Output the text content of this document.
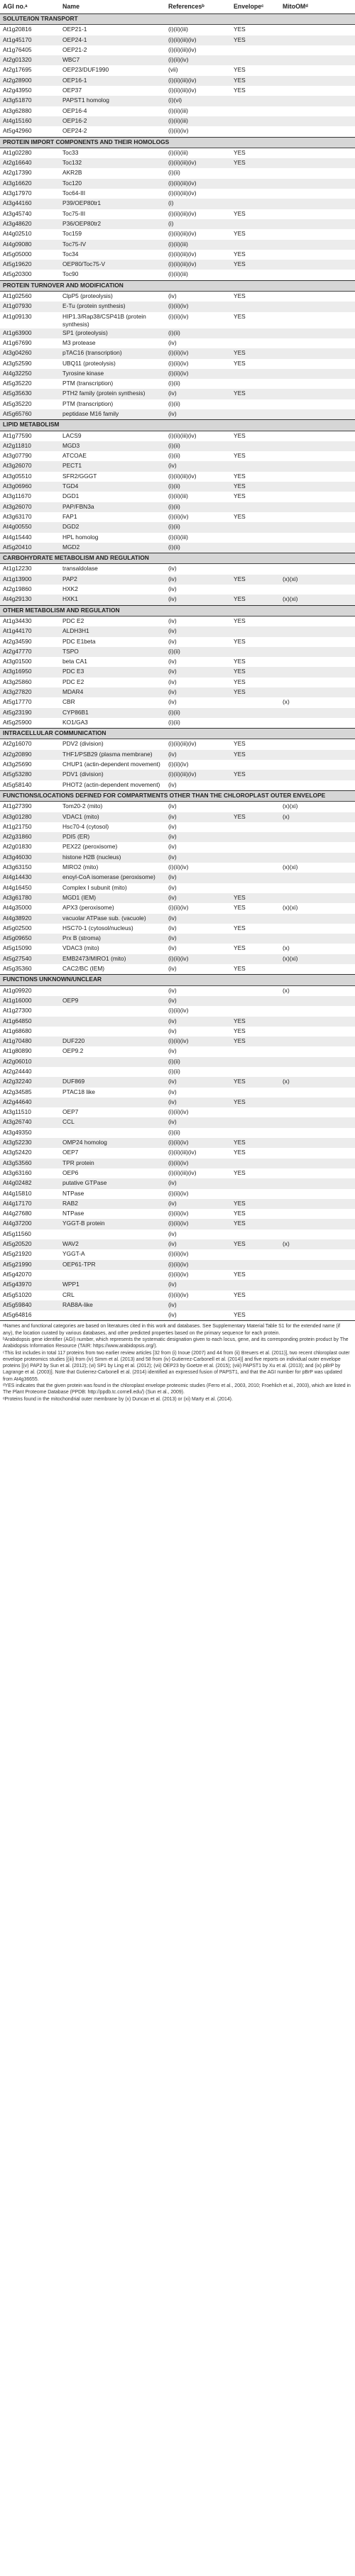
AGI no.ᵃ	Name	Referencesᵇ	Envelopeᶜ	MitoOMᵈ
SOLUTE/ION TRANSPORT				
At1g20816	OEP21-1	(i)(ii)(iii)	YES	
At1g45170	OEP24-1	(i)(ii)(iii)(iv)	YES	
At1g76405	OEP21-2	(i)(ii)(iii)(iv)		
At2g01320	WBC7	(i)(ii)(iv)		
At2g17695	OEP23/DUF1990	(vii)	YES	
At2g28900	OEP16-1	(i)(ii)(iii)(iv)	YES	
At2g43950	OEP37	(i)(ii)(iii)(iv)	YES	
At3g51870	PAPST1 homolog	(i)(vi)		
At3g62880	OEP16-4	(i)(ii)(iii)		
At4g15160	OEP16-2	(i)(ii)(iii)		
At5g42960	OEP24-2	(i)(ii)(iv)		
PROTEIN IMPORT COMPONENTS AND THEIR HOMOLOGS				
At1g02280	Toc33	(i)(ii)(iii)	YES	
At2g16640	Toc132	(i)(ii)(iii)(iv)	YES	
At2g17390	AKR2B	(i)(ii)		
At3g16620	Toc120	(i)(ii)(iii)(iv)		
At3g17970	Toc64-III	(i)(ii)(iii)(iv)		
At3g44160	P39/OEP80tr1	(i)		
At3g45740	Toc75-III	(i)(ii)(iii)(iv)	YES	
At3g48620	P36/OEP80tr2	(i)		
At4g02510	Toc159	(i)(ii)(iii)(iv)	YES	
At4g09080	Toc75-IV	(i)(ii)(iii)		
At5g05000	Toc34	(i)(ii)(iii)(iv)	YES	
At5g19620	OEP80/Toc75-V	(i)(ii)(iii)(iv)	YES	
At5g20300	Toc90	(i)(ii)(iii)		
PROTEIN TURNOVER AND MODIFICATION				
At1g02560	ClpP5 (proteolysis)	(iv)	YES	
At1g07930	E-Tu (protein synthesis)	(i)(ii)(iv)		
At1g09130	HIP1.3/Rap38/CSP41B (protein synthesis)	(i)(ii)(iv)	YES	
At1g63900	SP1 (proteolysis)	(i)(ii)		
At1g67690	M3 protease	(iv)		
At3g04260	pTAC16 (transcription)	(i)(ii)(iv)	YES	
At3g52590	UBQ11 (proteolysis)	(i)(ii)(iv)	YES	
At4g32250	Tyrosine kinase	(i)(ii)(iv)		
At5g35220	PTM (transcription)	(i)(ii)		
At5g35630	PTH2 family (protein synthesis)	(iv)	YES	
At5g35220	PTM (transcription)	(i)(ii)		
At5g65760	peptidase M16 family	(iv)		
LIPID METABOLISM				
At1g77590	LACS9	(i)(ii)(iii)(iv)	YES	
At2g11810	MGD3	(i)(ii)		
At3g07790	ATCOAE	(i)(ii)	YES	
At3g26070	PECT1	(iv)		
At3g05510	SFR2/GGGT	(i)(ii)(iii)(iv)	YES	
At3g06960	TGD4	(i)(ii)	YES	
At3g11670	DGD1	(i)(ii)(iii)	YES	
At3g26070	PAP/FBN3a	(i)(ii)		
At3g63170	FAP1	(i)(ii)(iv)	YES	
At4g00550	DGD2	(i)(ii)		
At4g15440	HPL homolog	(i)(ii)(iii)		
At5g20410	MGD2	(i)(ii)		
CARBOHYDRATE METABOLISM AND REGULATION				
At1g12230	transaldolase	(iv)		
At1g13900	PAP2	(iv)	YES	(x)(xi)
At2g19860	HXK2	(iv)		
At4g29130	HXK1	(iv)	YES	(x)(xi)
OTHER METABOLISM AND REGULATION				
At1g34430	PDC E2	(iv)	YES	
At1g44170	ALDH3H1	(iv)		
At2g34590	PDC E1beta	(iv)	YES	
At2g47770	TSPO	(i)(ii)		
At3g01500	beta CA1	(iv)	YES	
At3g16950	PDC E3	(iv)	YES	
At3g25860	PDC E2	(iv)	YES	
At3g27820	MDAR4	(iv)	YES	
At5g17770	CBR	(iv)		(x)
At5g23190	CYP86B1	(i)(ii)		
At5g25900	KO1/GA3	(i)(ii)		
INTRACELLULAR COMMUNICATION				
At2g16070	PDV2 (division)	(i)(ii)(iii)(iv)	YES	
At2g20890	THF1/PSB29 (plasma membrane)	(iv)	YES	
At3g25690	CHUP1 (actin-dependent movement)	(i)(ii)(iv)		
At5g53280	PDV1 (division)	(i)(ii)(iii)(iv)	YES	
At5g58140	PHOT2 (actin-dependent movement)	(iv)		
FUNCTIONS/LOCATIONS DEFINED FOR COMPARTMENTS OTHER THAN THE CHLOROPLAST OUTER ENVELOPE				
At1g27390	Tom20-2 (mito)	(iv)		(x)(xi)
At3g01280	VDAC1 (mito)	(iv)	YES	(x)
At1g21750	Hsc70-4 (cytosol)	(iv)		
At2g31860	PDI5 (ER)	(iv)		
At2g01830	PEX22 (peroxisome)	(iv)		
At3g46030	histone H2B (nucleus)	(iv)		
At3g63150	MIRO2 (mito)	(i)(ii)(iv)		(x)(xi)
At4g14430	enoyl-CoA isomerase (peroxisome)	(iv)		
At4g16450	Complex I subunit (mito)	(iv)		
At3g61780	MGD1 (IEM)	(iv)	YES	
At4g35000	APX3 (peroxisome)	(i)(ii)(iv)	YES	(x)(xi)
At4g38920	vacuolar ATPase sub. (vacuole)	(iv)		
At5g02500	HSC70-1 (cytosol/nucleus)	(iv)	YES	
At5g09650	Prx B (stroma)	(iv)		
At5g15090	VDAC3 (mito)	(iv)	YES	(x)
At5g27540	EMB2473/MIRO1 (mito)	(i)(ii)(iv)		(x)(xi)
At5g35360	CAC2/BC (IEM)	(iv)	YES	
FUNCTIONS UNKNOWN/UNCLEAR				
At1g09920		(iv)		(x)
At1g16000	OEP9	(iv)		
At1g27300		(i)(ii)(iv)		
At1g64850		(iv)	YES	
At1g68680		(iv)	YES	
At1g70480	DUF220	(i)(ii)(iv)	YES	
At1g80890	OEP9.2	(iv)		
At2g06010		(i)(ii)		
At2g24440		(i)(ii)		
At2g32240	DUF869	(iv)	YES	(x)
At2g34585	PTAC18 like	(iv)		
At2g44640		(iv)	YES	
At3g11510	OEP7	(i)(ii)(iv)		
At3g26740	CCL	(iv)		
At3g49350		(i)(ii)		
At3g52230	OMP24 homolog	(i)(ii)(iv)	YES	
At3g52420	OEP7	(i)(ii)(iii)(iv)	YES	
At3g53560	TPR protein	(i)(ii)(iv)		
At3g63160	OEP6	(i)(ii)(iii)(iv)	YES	
At4g02482	putative GTPase	(iv)		
At4g15810	NTPase	(i)(ii)(iv)		
At4g17170	RAB2	(iv)	YES	
At4g27680	NTPase	(i)(ii)(iv)	YES	
At4g37200	YGGT-B protein	(i)(ii)(iv)	YES	
At5g11560		(iv)		
At5g20520	WAV2	(iv)	YES	(x)
At5g21920	YGGT-A	(i)(ii)(iv)		
At5g21990	OEP61-TPR	(i)(ii)(iv)		
At5g42070		(i)(ii)(iv)	YES	
At5g43970	WPP1	(iv)		
At5g51020	CRL	(i)(ii)(iv)	YES	
At5g59840	RAB8A-like	(iv)		
At5g64816		(iv)	YES	

ᵃNames and functional categories are based on literatures cited in this work and databases. See Supplementary Material Table S1 for the extended name (if any), the location curated by various databases, and other predicted properties based on the primary sequence for each protein.

ᵇArabidopsis gene identifier (AGI) number, which represents the systematic designation given to each locus, gene, and its corresponding protein product by The Arabidopsis Information Resource (TAIR: https://www.arabidopsis.org/).

ᶜThis list includes in total 117 proteins from two earlier review articles [32 from (i) Inoue (2007) and 44 from (ii) Breuers et al. (2011)], two recent chloroplast outer envelope proteomics studies [(iii) from (iv) Simm et al. (2013) and 58 from (iv) Gutierrez-Carbonell et al. (2014)] and five reports on individual outer envelope proteins [(v) PAP2 by Sun et al. (2012); (vi) SP1 by Ling et al. (2012); (vii) OEP23 by Goetze et al. (2015); (viii) PAPST1 by Xu et al. (2013); and (ix) pBrP by Lagrange et al. (2003)]. Note that Gutierrez-Carbonell et al. (2014) identified an expressed fusion of PAPST1, and that the AGI number for pBrP was updated from At4g36655.

ᵈYES indicates that the given protein was found in the chloroplast envelope proteomic studies (Ferro et al., 2003, 2010; Froehlich et al., 2003), which are listed in The Plant Proteome Database (PPDB: http://ppdb.tc.cornell.edu/) (Sun et al., 2009).

ᵉProteins found in the mitochondrial outer membrane by (x) Duncan et al. (2013) or (xi) Marty et al. (2014).
